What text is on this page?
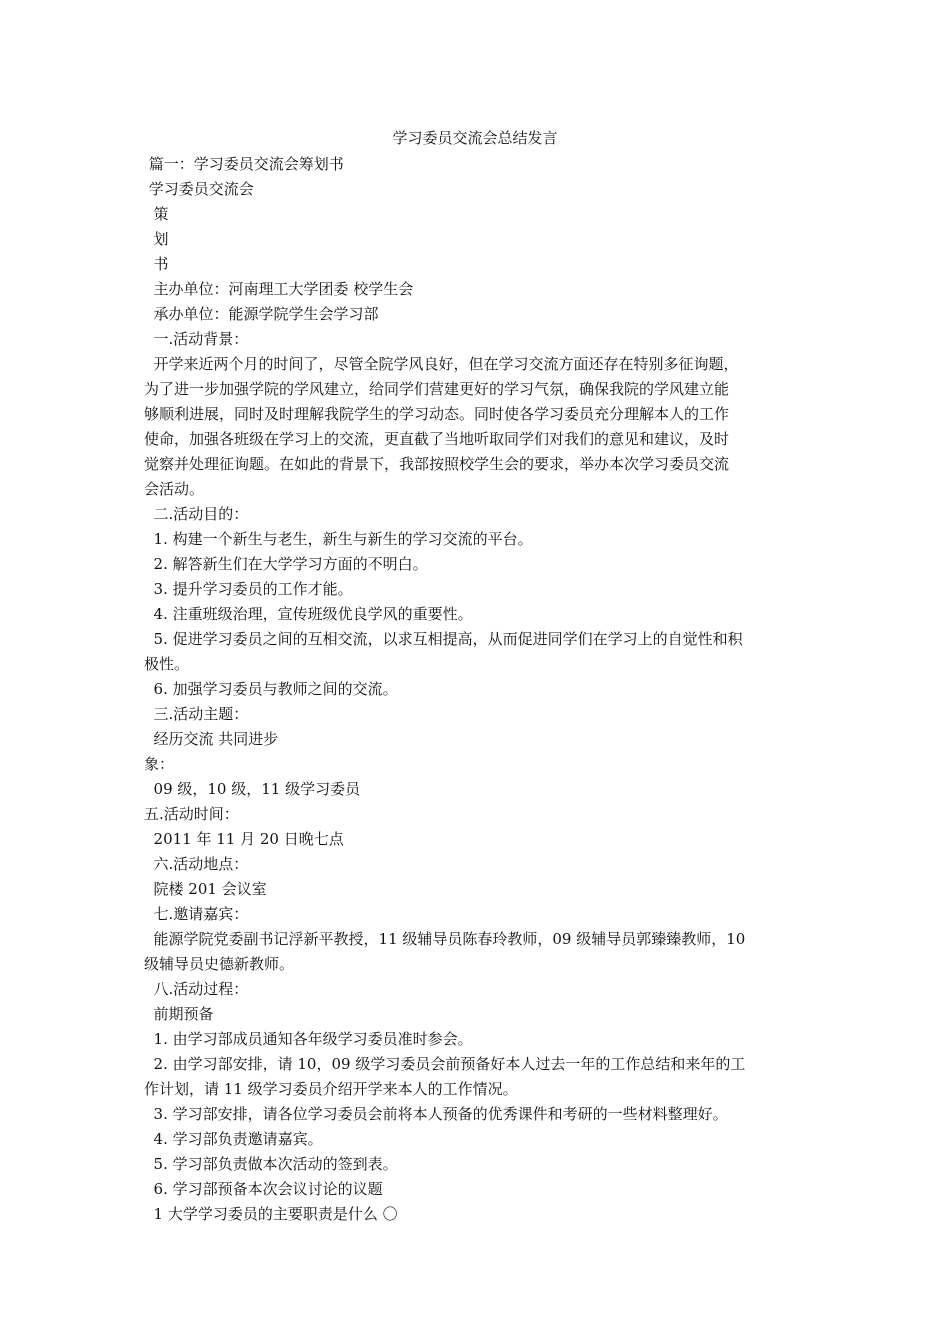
学习委员交流会总结发言
篇一：学习委员交流会筹划书
学习委员交流会
策
划
书
主办单位：河南理工大学团委 校学生会
承办单位：能源学院学生会学习部
一.活动背景：
开学来近两个月的时间了，尽管全院学风良好，但在学习交流方面还存在特别多征询题，
为了进一步加强学院的学风建立，给同学们营建更好的学习气氛，确保我院的学风建立能
够顺利进展，同时及时理解我院学生的学习动态。同时使各学习委员充分理解本人的工作
使命，加强各班级在学习上的交流，更直截了当地听取同学们对我们的意见和建议，及时
觉察并处理征询题。在如此的背景下，我部按照校学生会的要求，举办本次学习委员交流
会活动。
二.活动目的：
1. 构建一个新生与老生，新生与新生的学习交流的平台。
2. 解答新生们在大学学习方面的不明白。
3. 提升学习委员的工作才能。
4. 注重班级治理，宣传班级优良学风的重要性。
5. 促进学习委员之间的互相交流，以求互相提高，从而促进同学们在学习上的自觉性和积
极性。
6. 加强学习委员与教师之间的交流。
三.活动主题：
经历交流 共同进步
象：
09 级，10 级，11 级学习委员
五.活动时间：
2011 年 11 月 20 日晚七点
六.活动地点：
院楼 201 会议室
七.邀请嘉宾：
能源学院党委副书记浮新平教授，11 级辅导员陈春玲教师，09 级辅导员郭臻臻教师，10
级辅导员史德新教师。
八.活动过程：
前期预备
1. 由学习部成员通知各年级学习委员准时参会。
2. 由学习部安排，请 10，09 级学习委员会前预备好本人过去一年的工作总结和来年的工
作计划，请 11 级学习委员介绍开学来本人的工作情况。
3. 学习部安排，请各位学习委员会前将本人预备的优秀课件和考研的一些材料整理好。
4. 学习部负责邀请嘉宾。
5. 学习部负责做本次活动的签到表。
6. 学习部预备本次会议讨论的议题
1 大学学习委员的主要职责是什么 〇
